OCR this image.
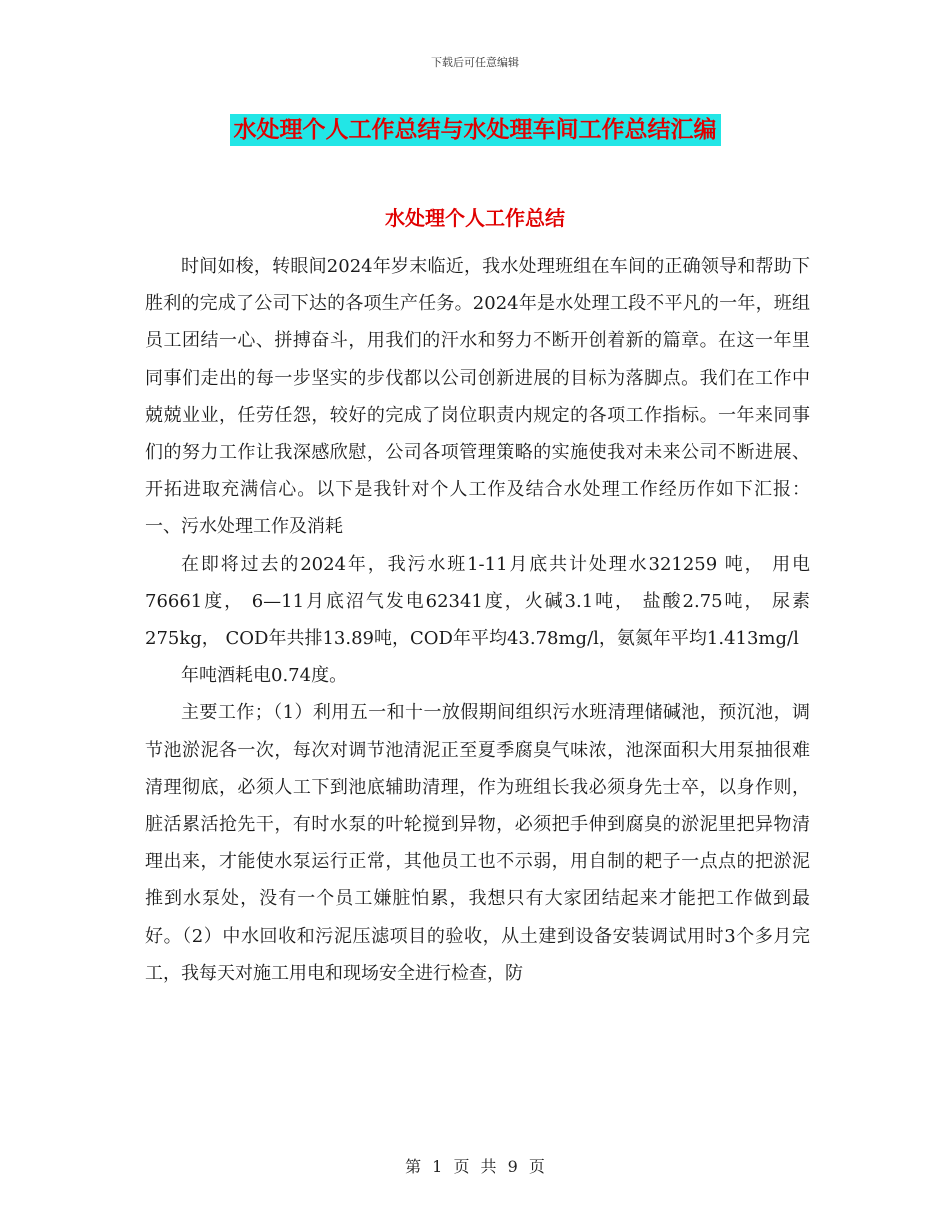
下载后可任意编辑
水处理个人工作总结与水处理车间工作总结汇编
水处理个人工作总结

时间如梭，转眼间2024年岁末临近，我水处理班组在车间的正确领导和帮助下胜利的完成了公司下达的各项生产任务。2024年是水处理工段不平凡的一年，班组员工团结一心、拼搏奋斗，用我们的汗水和努力不断开创着新的篇章。在这一年里同事们走出的每一步坚实的步伐都以公司创新进展的目标为落脚点。我们在工作中兢兢业业，任劳任怨，较好的完成了岗位职责内规定的各项工作指标。一年来同事们的努力工作让我深感欣慰，公司各项管理策略的实施使我对未来公司不断进展、开拓进取充满信心。以下是我针对个人工作及结合水处理工作经历作如下汇报：一、污水处理工作及消耗

在即将过去的2024年，我污水班1-11月底共计处理水321259 吨， 用电76661度， 6—11月底沼气发电62341度，火碱3.1吨， 盐酸2.75吨， 尿素275kg， COD年共排13.89吨，COD年平均43.78mg/l，氨氮年平均1.413mg/l

年吨酒耗电0.74度。

主要工作；（1）利用五一和十一放假期间组织污水班清理储碱池，预沉池，调节池淤泥各一次，每次对调节池清泥正至夏季腐臭气味浓，池深面积大用泵抽很难清理彻底，必须人工下到池底辅助清理，作为班组长我必须身先士卒，以身作则，脏活累活抢先干，有时水泵的叶轮搅到异物，必须把手伸到腐臭的淤泥里把异物清理出来，才能使水泵运行正常，其他员工也不示弱，用自制的耙子一点点的把淤泥推到水泵处，没有一个员工嫌脏怕累，我想只有大家团结起来才能把工作做到最好。（2）中水回收和污泥压滤项目的验收，从土建到设备安装调试用时3个多月完工，我每天对施工用电和现场安全进行检查，防

第 1 页 共 9 页
